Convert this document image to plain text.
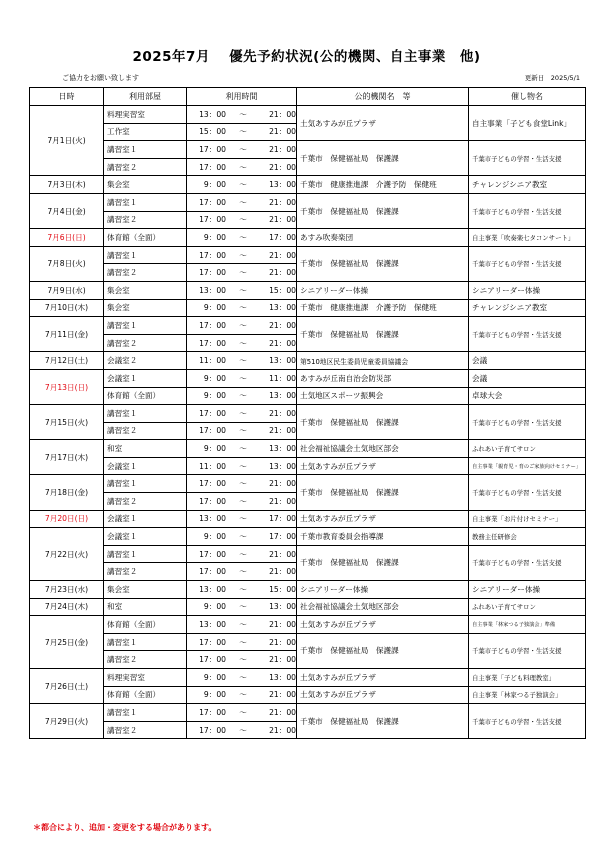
2025年7月　 優先予約状況(公的機関、自主事業　他)
ご協力をお願い致します	更新日　2025/5/1
日時	利用部屋	利用時間	公的機関名　等	催し物名
7月1日(火)	料理実習室	13：00 ～ 21：00	土気あすみが丘プラザ	自主事業「子ども食堂Link」
	工作室	15：00 ～ 21：00		
	講習室１	17：00 ～ 21：00	千葉市　保健福祉局　保護課	千葉市子どもの学習・生活支援
	講習室２	17：00 ～ 21：00		
7月3日(木)	集会室	9：00 ～ 13：00	千葉市　健康推進課　介護予防　保健班	チャレンジシニア教室
7月4日(金)	講習室１	17：00 ～ 21：00	千葉市　保健福祉局　保護課	千葉市子どもの学習・生活支援
	講習室２	17：00 ～ 21：00		
7月6日(日)	体育館（全面）	9：00 ～ 17：00	あすみ吹奏楽団	自主事業「吹奏楽七タコンサート」
7月8日(火)	講習室１	17：00 ～ 21：00	千葉市　保健福祉局　保護課	千葉市子どもの学習・生活支援
	講習室２	17：00 ～ 21：00		
7月9日(水)	集会室	13：00 ～ 15：00	シニアリーダー体操	シニアリーダー体操
7月10日(木)	集会室	9：00 ～ 13：00	千葉市　健康推進課　介護予防　保健班	チャレンジシニア教室
7月11日(金)	講習室１	17：00 ～ 21：00	千葉市　保健福祉局　保護課	千葉市子どもの学習・生活支援
	講習室２	17：00 ～ 21：00		
7月12日(土)	会議室２	11：00 ～ 13：00	第510地区民生委員児童委員協議会	会議
7月13日(日)	会議室１	9：00 ～ 11：00	あすみが丘南自治会防災部	会議
	体育館（全面）	9：00 ～ 13：00	土気地区スポーツ振興会	卓球大会
7月15日(火)	講習室１	17：00 ～ 21：00	千葉市　保健福祉局　保護課	千葉市子どもの学習・生活支援
	講習室２	17：00 ～ 21：00		
7月17日(木)	和室	9：00 ～ 13：00	社会福祉協議会土気地区部会	ふれあい子育てサロン
	会議室１	11：00 ～ 13：00	土気あすみが丘プラザ	自主事業「親育児・育のご家族向けセミナー」
7月18日(金)	講習室１	17：00 ～ 21：00	千葉市　保健福祉局　保護課	千葉市子どもの学習・生活支援
	講習室２	17：00 ～ 21：00		
7月20日(日)	会議室１	13：00 ～ 17：00	土気あすみが丘プラザ	自主事業「お片付けセミナー」
7月22日(火)	会議室１	9：00 ～ 17：00	千葉市教育委員会指導課	教務主任研修会
	講習室１	17：00 ～ 21：00	千葉市　保健福祉局　保護課	千葉市子どもの学習・生活支援
	講習室２	17：00 ～ 21：00		
7月23日(水)	集会室	13：00 ～ 15：00	シニアリーダー体操	シニアリーダー体操
7月24日(木)	和室	9：00 ～ 13：00	社会福祉協議会土気地区部会	ふれあい子育てサロン
7月25日(金)	体育館（全面）	13：00 ～ 21：00	土気あすみが丘プラザ	自主事業「林家つる子独演会」準備
	講習室１	17：00 ～ 21：00	千葉市　保健福祉局　保護課	千葉市子どもの学習・生活支援
	講習室２	17：00 ～ 21：00		
7月26日(土)	料理実習室	9：00 ～ 13：00	土気あすみが丘プラザ	自主事業「子ども料理教室」
	体育館（全面）	9：00 ～ 21：00	土気あすみが丘プラザ	自主事業「林家つる子独演会」
7月29日(火)	講習室１	17：00 ～ 21：00	千葉市　保健福祉局　保護課	千葉市子どもの学習・生活支援
	講習室２	17：00 ～ 21：00		
＊都合により、追加・変更をする場合があります。
